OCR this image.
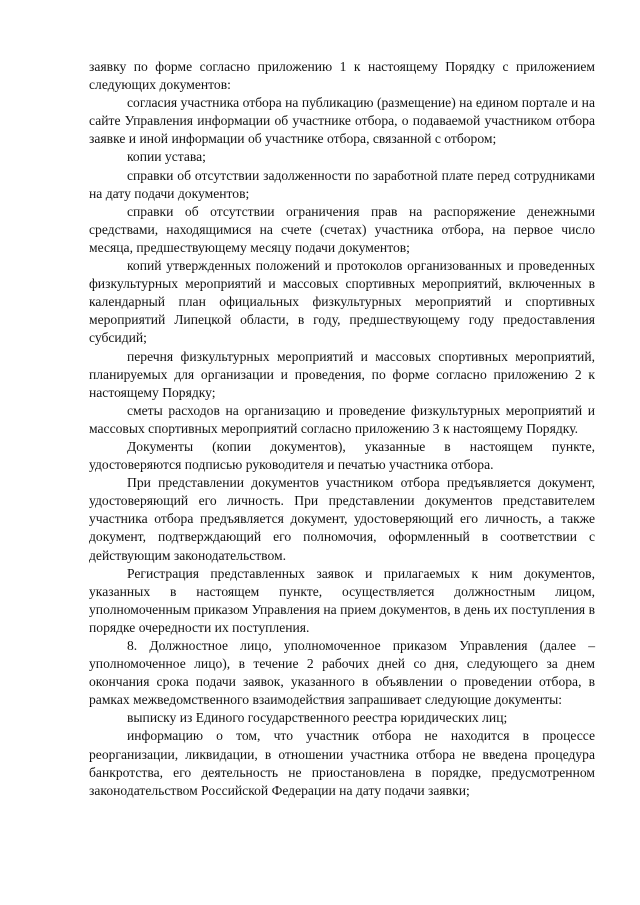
заявку по форме согласно приложению 1 к настоящему Порядку с приложением следующих документов:

согласия участника отбора на публикацию (размещение) на едином портале и на сайте Управления информации об участнике отбора, о подаваемой участником отбора заявке и иной информации об участнике отбора, связанной с отбором;

копии устава;

справки об отсутствии задолженности по заработной плате перед сотрудниками на дату подачи документов;

справки об отсутствии ограничения прав на распоряжение денежными средствами, находящимися на счете (счетах) участника отбора, на первое число месяца, предшествующему месяцу подачи документов;

копий утвержденных положений и протоколов организованных и проведенных физкультурных мероприятий и массовых спортивных мероприятий, включенных в календарный план официальных физкультурных мероприятий и спортивных мероприятий Липецкой области, в году, предшествующему году предоставления субсидий;

перечня физкультурных мероприятий и массовых спортивных мероприятий, планируемых для организации и проведения, по форме согласно приложению 2 к настоящему Порядку;

сметы расходов на организацию и проведение физкультурных мероприятий и массовых спортивных мероприятий согласно приложению 3 к настоящему Порядку.

Документы (копии документов), указанные в настоящем пункте, удостоверяются подписью руководителя и печатью участника отбора.

При представлении документов участником отбора предъявляется документ, удостоверяющий его личность. При представлении документов представителем участника отбора предъявляется документ, удостоверяющий его личность, а также документ, подтверждающий его полномочия, оформленный в соответствии с действующим законодательством.

Регистрация представленных заявок и прилагаемых к ним документов, указанных в настоящем пункте, осуществляется должностным лицом, уполномоченным приказом Управления на прием документов, в день их поступления в порядке очередности их поступления.

8. Должностное лицо, уполномоченное приказом Управления (далее – уполномоченное лицо), в течение 2 рабочих дней со дня, следующего за днем окончания срока подачи заявок, указанного в объявлении о проведении отбора, в рамках межведомственного взаимодействия запрашивает следующие документы:

выписку из Единого государственного реестра юридических лиц;

информацию о том, что участник отбора не находится в процессе реорганизации, ликвидации, в отношении участника отбора не введена процедура банкротства, его деятельность не приостановлена в порядке, предусмотренном законодательством Российской Федерации на дату подачи заявки;
